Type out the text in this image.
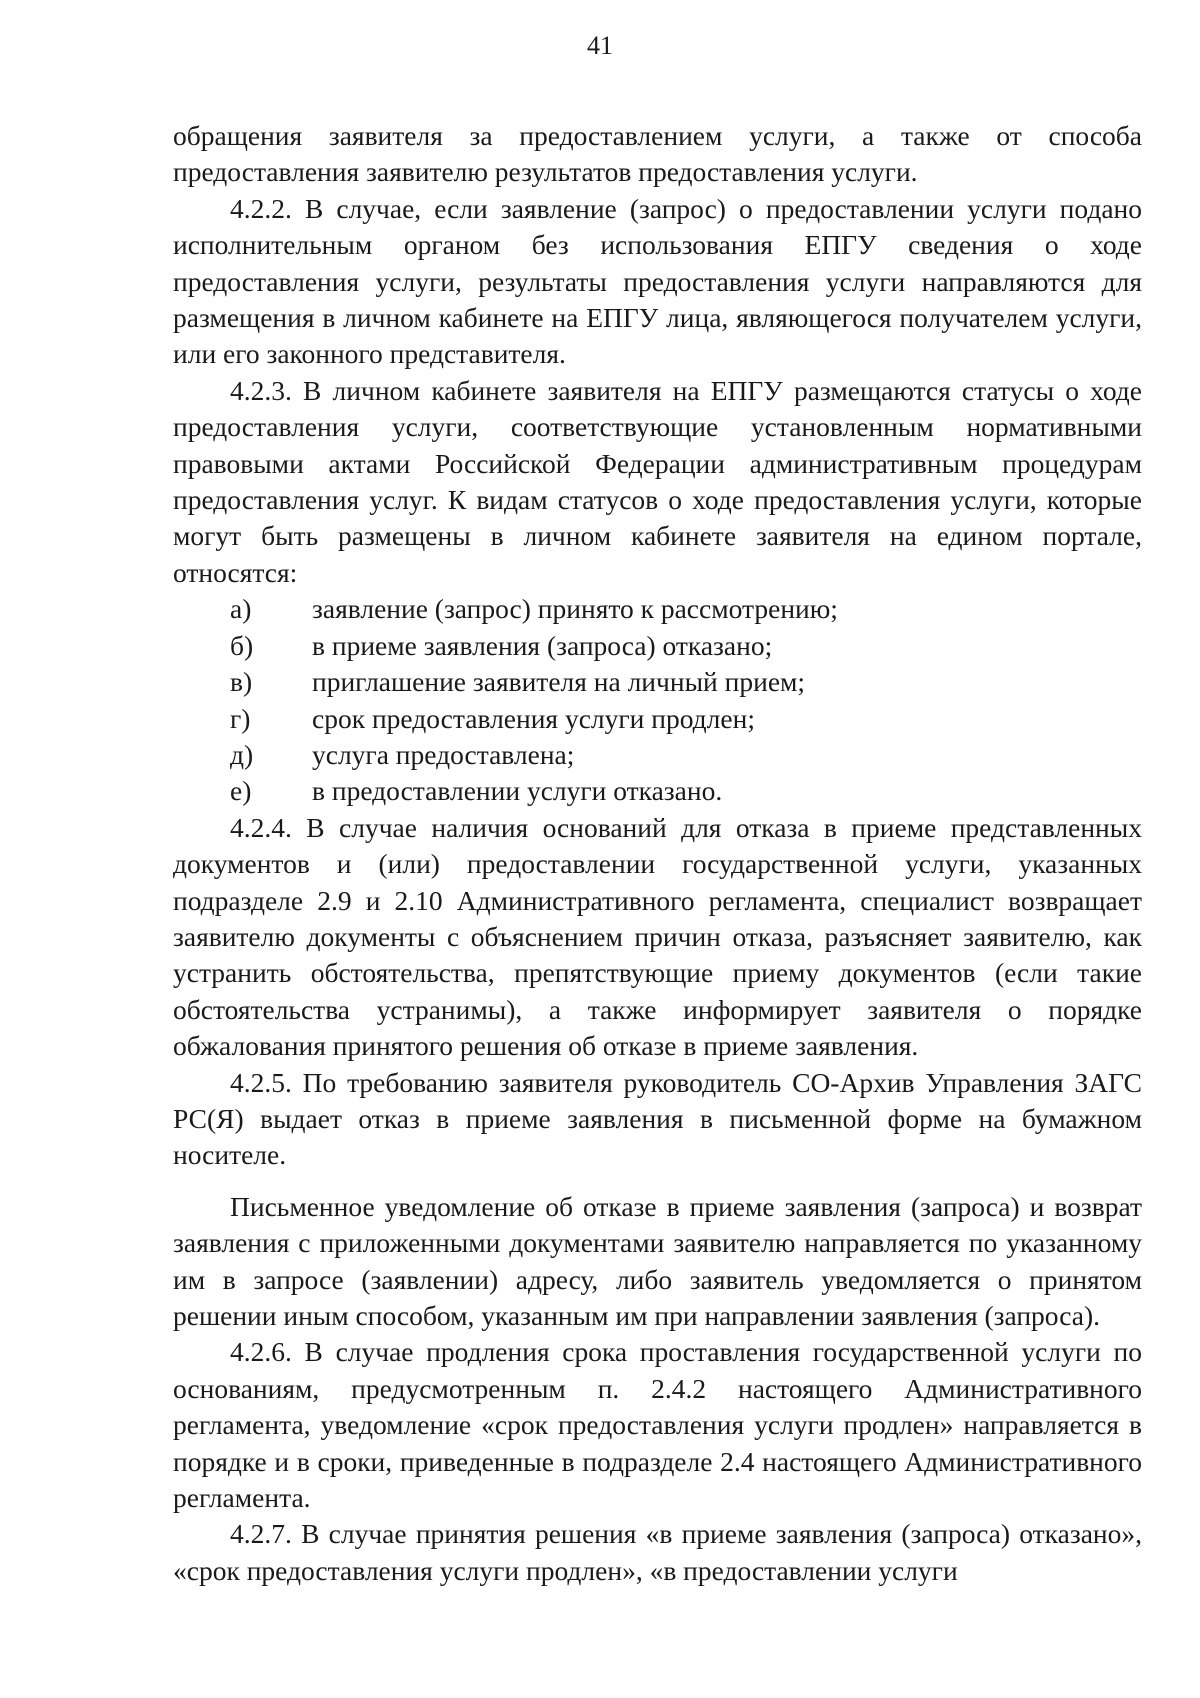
41

обращения заявителя за предоставлением услуги, а также от способа предоставления заявителю результатов предоставления услуги.

4.2.2. В случае, если заявление (запрос) о предоставлении услуги подано исполнительным органом без использования ЕПГУ сведения о ходе предоставления услуги, результаты предоставления услуги направляются для размещения в личном кабинете на ЕПГУ лица, являющегося получателем услуги, или его законного представителя.

4.2.3. В личном кабинете заявителя на ЕПГУ размещаются статусы о ходе предоставления услуги, соответствующие установленным нормативными правовыми актами Российской Федерации административным процедурам предоставления услуг. К видам статусов о ходе предоставления услуги, которые могут быть размещены в личном кабинете заявителя на едином портале, относятся:

а)	заявление (запрос) принято к рассмотрению;
б)	в приеме заявления (запроса) отказано;
в)	приглашение заявителя на личный прием;
г)	срок предоставления услуги продлен;
д)	услуга предоставлена;
е)	в предоставлении услуги отказано.

4.2.4. В случае наличия оснований для отказа в приеме представленных документов и (или) предоставлении государственной услуги, указанных подразделе 2.9 и 2.10 Административного регламента, специалист возвращает заявителю документы с объяснением причин отказа, разъясняет заявителю, как устранить обстоятельства, препятствующие приему документов (если такие обстоятельства устранимы), а также информирует заявителя о порядке обжалования принятого решения об отказе в приеме заявления.

4.2.5. По требованию заявителя руководитель СО-Архив Управления ЗАГС РС(Я) выдает отказ в приеме заявления в письменной форме на бумажном носителе.

Письменное уведомление об отказе в приеме заявления (запроса) и возврат заявления с приложенными документами заявителю направляется по указанному им в запросе (заявлении) адресу, либо заявитель уведомляется о принятом решении иным способом, указанным им при направлении заявления (запроса).

4.2.6. В случае продления срока проставления государственной услуги по основаниям, предусмотренным п. 2.4.2 настоящего Административного регламента, уведомление «срок предоставления услуги продлен» направляется в порядке и в сроки, приведенные в подразделе 2.4 настоящего Административного регламента.

4.2.7. В случае принятия решения «в приеме заявления (запроса) отказано», «срок предоставления услуги продлен», «в предоставлении услуги
